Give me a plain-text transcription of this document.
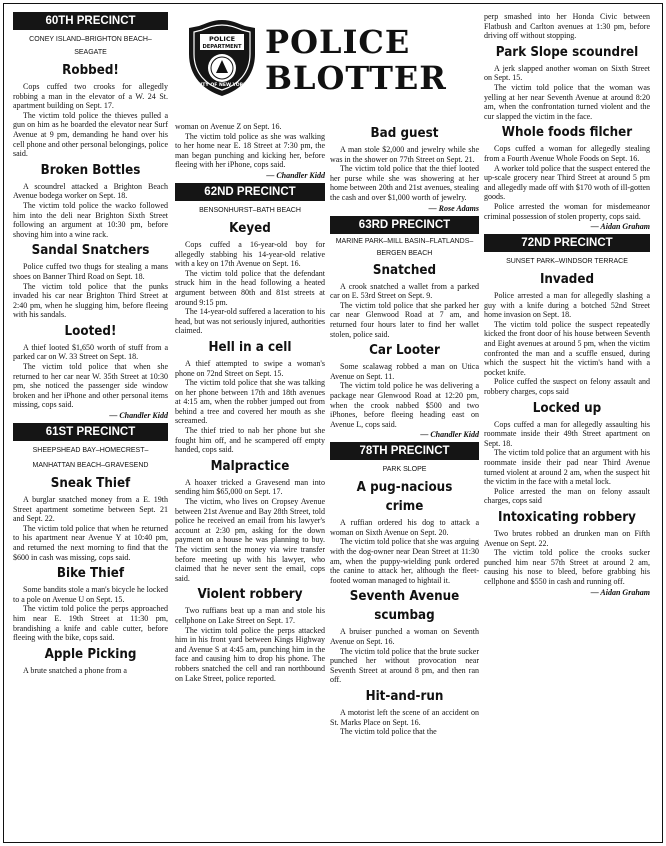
POLICE
DEPARTMENT
CITY OF NEW YORK
POLICE
BLOTTER
60TH PRECINCT
CONEY ISLAND–BRIGHTON BEACH–SEAGATE
Robbed!

Cops cuffed two crooks for allegedly robbing a man in the elevator of a W. 24 St. apartment building on Sept. 17.

The victim told police the thieves pulled a gun on him as he boarded the elevator near Surf Avenue at 9 pm, demanding he hand over his cell phone and other personal belongings, police said.

Broken Bottles

A scoundrel attacked a Brighton Beach Avenue bodega worker on Sept. 18.

The victim told police the wacko followed him into the deli near Brighton Sixth Street following an argument at 10:30 pm, before shoving him into a wine rack.

Sandal Snatchers

Police cuffed two thugs for stealing a mans shoes on Banner Third Road on Sept. 18.

The victim told police that the punks invaded his car near Brighton Third Street at 2:40 pm, when he slugging him, before fleeing with his sandals.

Looted!

A thief looted $1,650 worth of stuff from a parked car on W. 33 Street on Sept. 18.

The victim told police that when she returned to her car near W. 35th Street at 10:30 pm, she noticed the passenger side window broken and her iPhone and other personal items missing, cops said.

— Chandler Kidd
61ST PRECINCT
SHEEPSHEAD BAY–HOMECREST–
MANHATTAN BEACH–GRAVESEND
Sneak Thief

A burglar snatched money from a E. 19th Street apartment sometime between Sept. 21 and Sept. 22.

The victim told police that when he returned to his apartment near Avenue Y at 10:40 pm, and returned the next morning to find that the $600 in cash was missing, cops said.

Bike Thief

Some bandits stole a man's bicycle he locked to a pole on Avenue U on Sept. 15.

The victim told police the perps approached him near E. 19th Street at 11:30 pm, brandishing a knife and cable cutter, before fleeing with the bike, cops said.

Apple Picking

A brute snatched a phone from a

woman on Avenue Z on Sept. 16.

The victim told police as she was walking to her home near E. 18 Street at 7:30 pm, the man began punching and kicking her, before fleeing with her iPhone, cops said.

— Chandler Kidd
62ND PRECINCT
BENSONHURST–BATH BEACH
Keyed

Cops cuffed a 16-year-old boy for allegedly stabbing his 14-year-old relative with a key on 17th Avenue on Sept. 16.

The victim told police that the defendant struck him in the head following a heated argument between 80th and 81st streets at around 9:15 pm.

The 14-year-old suffered a laceration to his head, but was not seriously injured, authorities claimed.

Hell in a cell

A thief attempted to swipe a woman's phone on 72nd Street on Sept. 15.

The victim told police that she was talking on her phone between 17th and 18th avenues at 4:15 am, when the robber jumped out from behind a tree and covered her mouth as she screamed.

The thief tried to nab her phone but she fought him off, and he scampered off empty handed, cops said.

Malpractice

A hoaxer tricked a Gravesend man into sending him $65,000 on Sept. 17.

The victim, who lives on Cropsey Avenue between 21st Avenue and Bay 28th Street, told police he received an email from his lawyer's account at 2:30 pm, asking for the down payment on a house he was planning to buy. The victim sent the money via wire transfer before meeting up with his lawyer, who claimed that he never sent the email, cops said.

Violent robbery

Two ruffians beat up a man and stole his cellphone on Lake Street on Sept. 17.

The victim told police the perps attacked him in his front yard between Kings Highway and Avenue S at 4:45 am, punching him in the face and causing him to drop his phone. The robbers snatched the cell and ran northbound on Lake Street, police reported.

Bad guest

A man stole $2,000 and jewelry while she was in the shower on 77th Street on Sept. 21.

The victim told police that the thief looted her purse while she was showering at her home between 20th and 21st avenues, stealing the cash and over $1,000 worth of jewelry.

— Rose Adams
63RD PRECINCT
MARINE PARK–MILL BASIN–FLATLANDS–
BERGEN BEACH
Snatched

A crook snatched a wallet from a parked car on E. 53rd Street on Sept. 9.

The victim told police that she parked her car near Glenwood Road at 7 am, and returned four hours later to find her wallet stolen, police said.

Car Looter

Some scalawag robbed a man on Utica Avenue on Sept. 11.

The victim told police he was delivering a package near Glenwood Road at 12:20 pm, when the crook nabbed $500 and two iPhones, before fleeing heading east on Avenue L, cops said.

— Chandler Kidd
78TH PRECINCT
PARK SLOPE
A pug-nacious crime

A ruffian ordered his dog to attack a woman on Sixth Avenue on Sept. 20.

The victim told police that she was arguing with the dog-owner near Dean Street at 11:30 am, when the puppy-wielding punk ordered the canine to attack her, although the fleet-footed woman managed to hightail it.

Seventh Avenue
scumbag

A bruiser punched a woman on Seventh Avenue on Sept. 16.

The victim told police that the brute sucker punched her without provocation near Seventh Street at around 8 pm, and then ran off.

Hit-and-run

A motorist left the scene of an accident on St. Marks Place on Sept. 16.

The victim told police that the

perp smashed into her Honda Civic between Flatbush and Carlton avenues at 1:30 pm, before driving off without stopping.

Park Slope scoundrel

A jerk slapped another woman on Sixth Street on Sept. 15.

The victim told police that the woman was yelling at her near Seventh Avenue at around 8:20 am, when the confrontation turned violent and the cur slapped the victim in the face.

Whole foods filcher

Cops cuffed a woman for allegedly stealing from a Fourth Avenue Whole Foods on Sept. 16.

A worker told police that the suspect entered the up-scale grocery near Third Street at around 5 pm and allegedly made off with $170 woth of ill-gotten goods.

Police arrested the woman for misdemeanor criminal possession of stolen property, cops said.

— Aidan Graham
72ND PRECINCT
SUNSET PARK–WINDSOR TERRACE
Invaded

Police arrested a man for allegedly slashing a guy with a knife during a botched 52nd Street home invasion on Sept. 18.

The victim told police the suspect repeatedly kicked the front door of his house between Seventh and Eight avenues at around 5 pm, when the victim confronted the man and a scuffle ensued, during which the suspect hit the victim's hand with a pocket knife.

Police cuffed the suspect on felony assault and robbery charges, cops said

Locked up

Cops cuffed a man for allegedly assaulting his roommate inside their 49th Street apartment on Sept. 18.

The victim told police that an argument with his roommate inside their pad near Third Avenue turned violent at around 2 am, when the suspect hit the victim in the face with a metal lock.

Police arrested the man on felony assault charges, cops said

Intoxicating robbery

Two brutes robbed an drunken man on Fifth Avenue on Sept. 22.

The victim told police the crooks sucker punched him near 57th Street at around 2 am, causing his nose to bleed, before grabbing his cellphone and $550 in cash and running off.

— Aidan Graham
